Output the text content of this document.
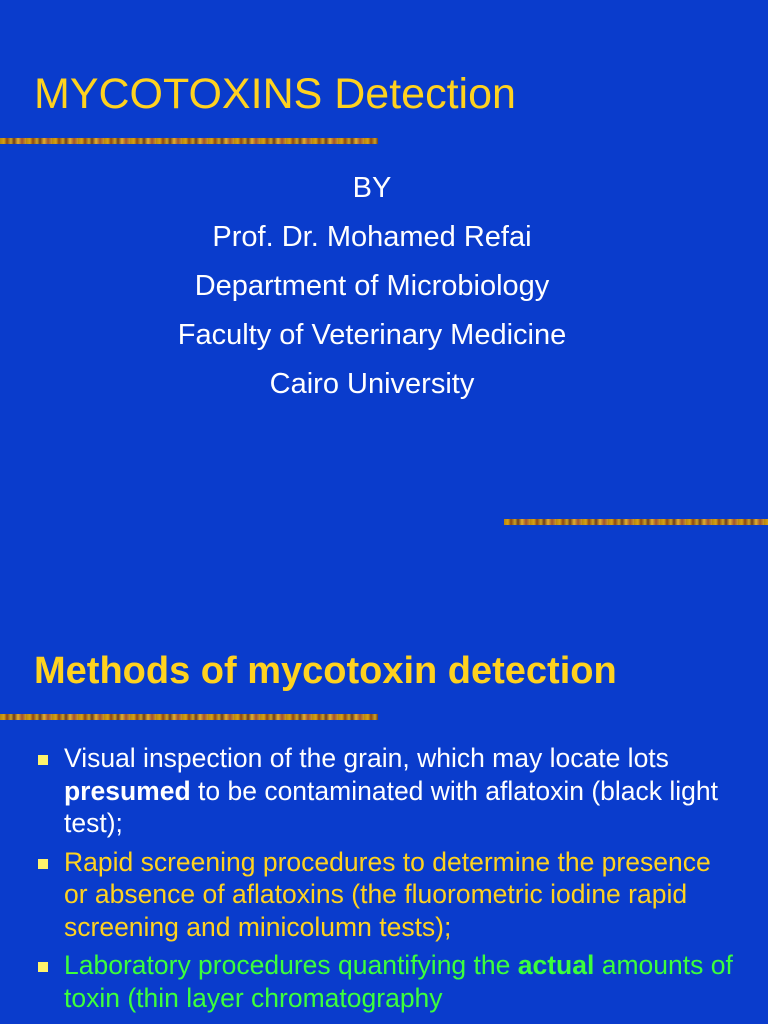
MYCOTOXINS Detection
BY
Prof. Dr. Mohamed Refai
Department of Microbiology
Faculty of Veterinary Medicine
Cairo University
Methods of mycotoxin detection
Visual inspection of the grain, which may locate lots presumed to be contaminated with aflatoxin (black light test);
Rapid screening procedures to determine the presence or absence of aflatoxins (the fluorometric iodine rapid screening and minicolumn tests);
Laboratory procedures quantifying the actual amounts of toxin (thin layer chromatography
